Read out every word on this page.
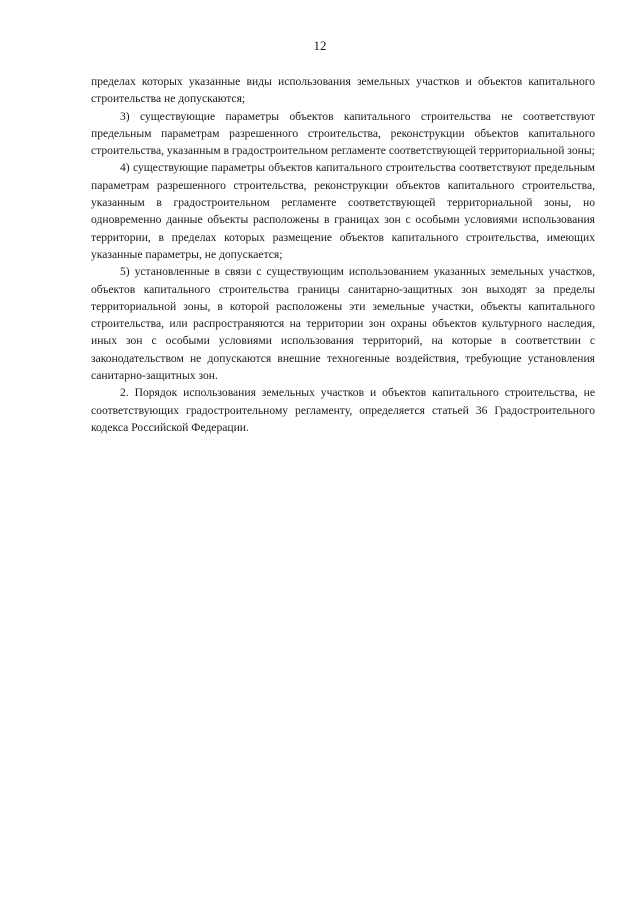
12

пределах которых указанные виды использования земельных участков и объектов капитального строительства не допускаются;

3) существующие параметры объектов капитального строительства не соответствуют предельным параметрам разрешенного строительства, реконструкции объектов капитального строительства, указанным в градостроительном регламенте соответствующей территориальной зоны;

4) существующие параметры объектов капитального строительства соответствуют предельным параметрам разрешенного строительства, реконструкции объектов капитального строительства, указанным в градостроительном регламенте соответствующей территориальной зоны, но одновременно данные объекты расположены в границах зон с особыми условиями использования территории, в пределах которых размещение объектов капитального строительства, имеющих указанные параметры, не допускается;

5) установленные в связи с существующим использованием указанных земельных участков, объектов капитального строительства границы санитарно-защитных зон выходят за пределы территориальной зоны, в которой расположены эти земельные участки, объекты капитального строительства, или распространяются на территории зон охраны объектов культурного наследия, иных зон с особыми условиями использования территорий, на которые в соответствии с законодательством не допускаются внешние техногенные воздействия, требующие установления санитарно-защитных зон.

2. Порядок использования земельных участков и объектов капитального строительства, не соответствующих градостроительному регламенту, определяется статьей 36 Градостроительного кодекса Российской Федерации.
